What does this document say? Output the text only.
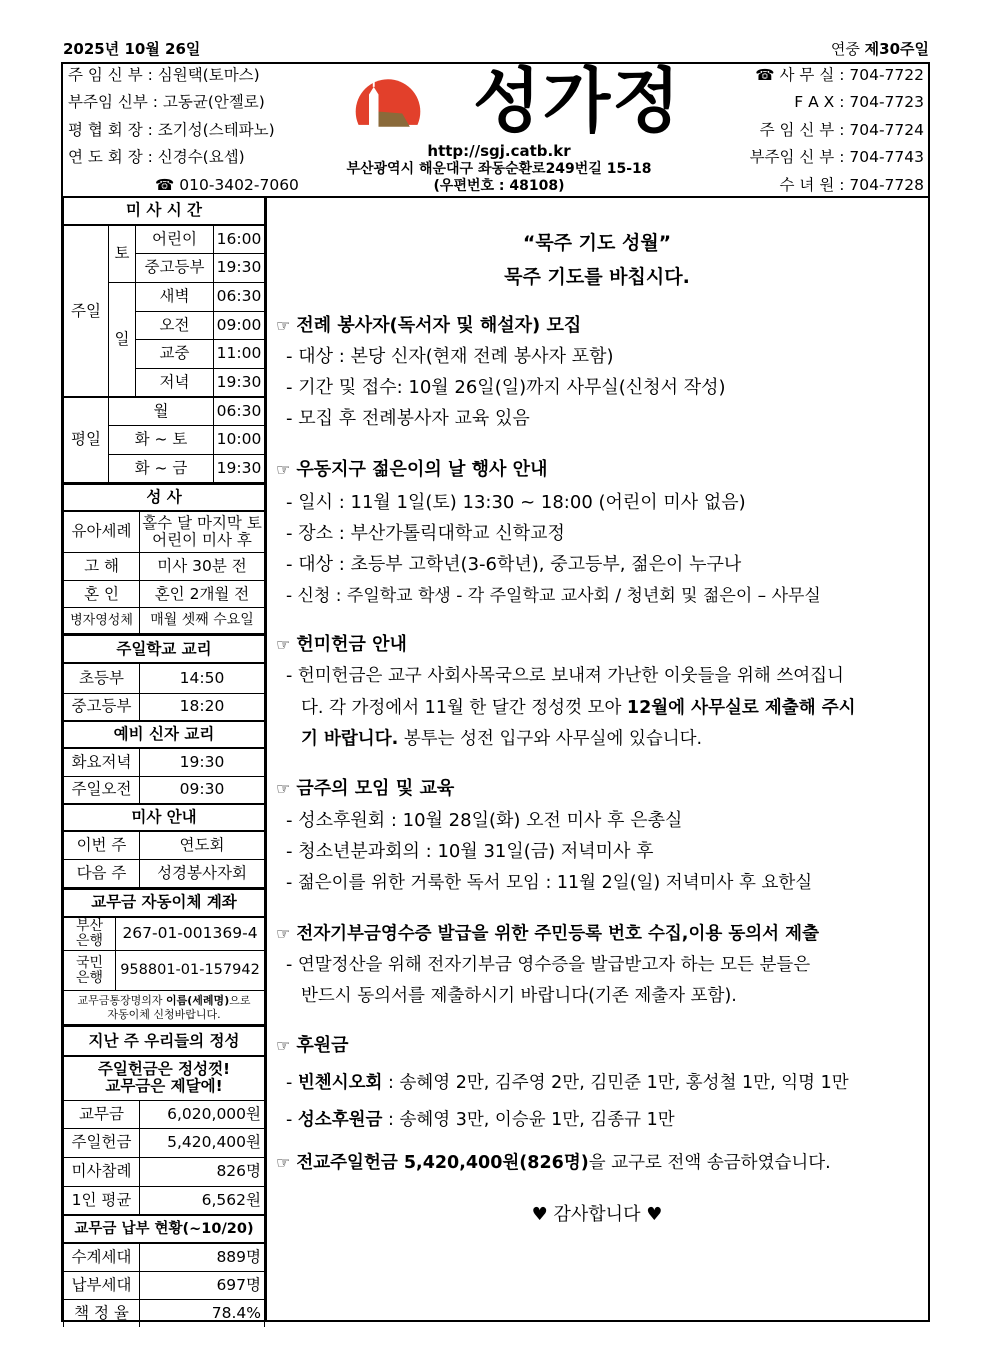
2025년 10월 26일	연중 제30주일
주 임 신 부 : 심원택(토마스)
부주임 신부 : 고동균(안젤로)
평 협 회 장 : 조기성(스테파노)
연 도 회 장 : 신경수(요셉)
☎ 010-3402-7060
성가정
http://sgj.catb.kr
부산광역시 해운대구 좌동순환로249번길 15-18
(우편번호 : 48108)
☎ 사 무 실 : 704-7722
F A X : 704-7723
주 임 신 부 : 704-7724
부주임 신 부 : 704-7743
수 녀 원 : 704-7728
미 사 시 간			
주일	토	어린이	16:00
		중고등부	19:30
	일	새벽	06:30
		오전	09:00
		교중	11:00
		저녁	19:30
평일	월		06:30
	화 ~ 토		10:00
	화 ~ 금		19:30
성 사	
유아세례	홀수 달 마지막 토
어린이 미사 후

고 해	미사 30분 전
혼 인	혼인 2개월 전
병자영성체	매월 셋째 수요일
주일학교 교리	
초등부	14:50
중고등부	18:20
예비 신자 교리	
화요저녁	19:30
주일오전	09:30
미사 안내	
이번 주	연도회
다음 주	성경봉사자회
교무금 자동이체 계좌	
부산
은행	267-01-001369-4
국민
은행	958801-01-157942

교무금통장명의자 이름(세례명)으로
자동이체 신청바랍니다.	
지난 주 우리들의 정성	

주일헌금은 정성껏!
교무금은 제달에!	

교무금	6,020,000원
주일헌금	5,420,400원
미사참례	826명
1인 평균	6,562원
교무금 납부 현황(~10/20)	
수계세대	889명
납부세대	697명
책 정 율	78.4%
“묵주 기도 성월”
묵주 기도를 바칩시다.
☞ 전례 봉사자(독서자 및 해설자) 모집
- 대상 : 본당 신자(현재 전례 봉사자 포함)
- 기간 및 접수: 10월 26일(일)까지 사무실(신청서 작성)
- 모집 후 전례봉사자 교육 있음
☞ 우동지구 젊은이의 날 행사 안내
- 일시 : 11월 1일(토) 13:30 ~ 18:00 (어린이 미사 없음)
- 장소 : 부산가톨릭대학교 신학교정
- 대상 : 초등부 고학년(3-6학년), 중고등부, 젊은이 누구나
- 신청 : 주일학교 학생 - 각 주일학교 교사회 / 청년회 및 젊은이 – 사무실
☞ 헌미헌금 안내
- 헌미헌금은 교구 사회사목국으로 보내져 가난한 이웃들을 위해 쓰여집니
다. 각 가정에서 11월 한 달간 정성껏 모아 12월에 사무실로 제출해 주시
기 바랍니다. 봉투는 성전 입구와 사무실에 있습니다.
☞ 금주의 모임 및 교육
- 성소후원회 : 10월 28일(화) 오전 미사 후 은총실
- 청소년분과회의 : 10월 31일(금) 저녁미사 후
- 젊은이를 위한 거룩한 독서 모임 : 11월 2일(일) 저녁미사 후 요한실
☞ 전자기부금영수증 발급을 위한 주민등록 번호 수집,이용 동의서 제출
- 연말정산을 위해 전자기부금 영수증을 발급받고자 하는 모든 분들은
반드시 동의서를 제출하시기 바랍니다(기존 제출자 포함).
☞ 후원금
- 빈첸시오회 : 송혜영 2만, 김주영 2만, 김민준 1만, 홍성철 1만, 익명 1만
- 성소후원금 : 송혜영 3만, 이승윤 1만, 김종규 1만
☞ 전교주일헌금 5,420,400원(826명)을 교구로 전액 송금하였습니다.
♥ 감사합니다 ♥
